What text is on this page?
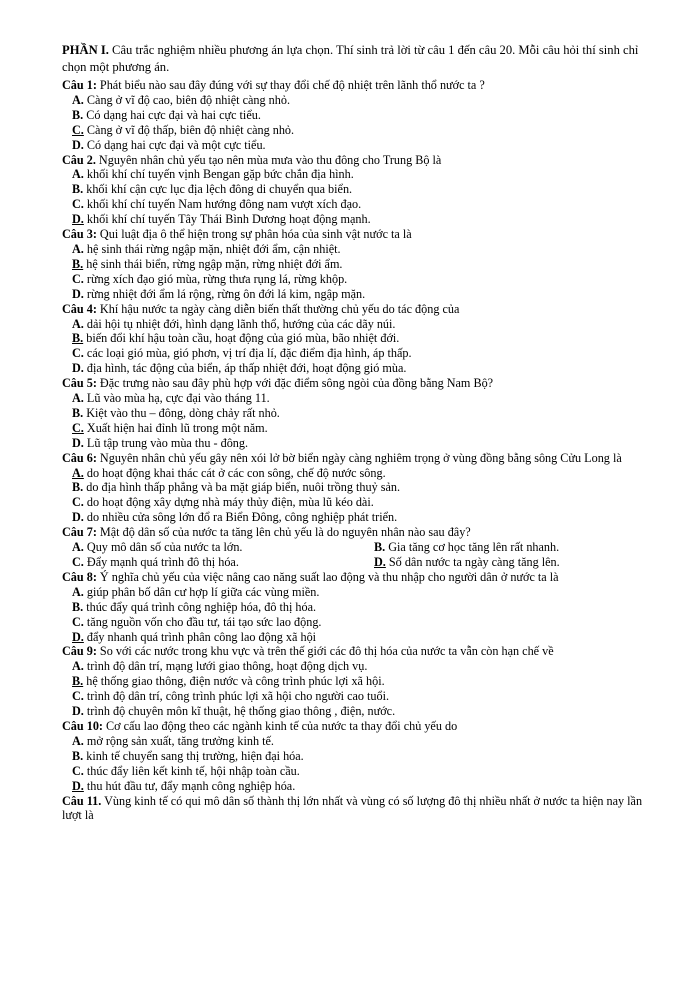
PHẦN I. Câu trắc nghiệm nhiều phương án lựa chọn. Thí sinh trả lời từ câu 1 đến câu 20. Mỗi câu hỏi thí sinh chỉ chọn một phương án.

Câu 1: Phát biểu nào sau đây đúng với sự thay đổi chế độ nhiệt trên lãnh thổ nước ta ?

A. Càng ở vĩ độ cao, biên độ nhiệt càng nhỏ.

B. Có dạng hai cực đại và hai cực tiểu.

C. Càng ở vĩ độ thấp, biên độ nhiệt càng nhỏ.

D. Có dạng hai cực đại và một cực tiểu.

Câu 2. Nguyên nhân chủ yếu tạo nên mùa mưa vào thu đông cho Trung Bộ là

A. khối khí chí tuyến vịnh Bengan gặp bức chắn địa hình.

B. khối khí cận cực lục địa lệch đông di chuyển qua biển.

C. khối khí chí tuyến Nam hướng đông nam vượt xích đạo.

D. khối khí chí tuyến Tây Thái Bình Dương hoạt động mạnh.

Câu 3: Qui luật địa ô thể hiện trong sự phân hóa của sinh vật nước ta là

A. hệ sinh thái rừng ngập mặn, nhiệt đới ẩm, cận nhiệt.

B. hệ sinh thái biển, rừng ngập mặn, rừng nhiệt đới ẩm.

C. rừng xích đạo gió mùa, rừng thưa rụng lá, rừng khộp.

D. rừng nhiệt đới ẩm lá rộng, rừng ôn đới lá kim, ngập mặn.

Câu 4: Khí hậu nước ta ngày càng diễn biến thất thường chủ yếu do tác động của

A. dải hội tụ nhiệt đới, hình dạng lãnh thổ, hướng của các dãy núi.

B. biến đổi khí hậu toàn cầu, hoạt động của gió mùa, bão nhiệt đới.

C. các loại gió mùa, gió phơn, vị trí địa lí, đặc điểm địa hình, áp thấp.

D. địa hình, tác động của biển, áp thấp nhiệt đới, hoạt động gió mùa.

Câu 5: Đặc trưng nào sau đây phù hợp với đặc điểm sông ngòi của đồng bằng Nam Bộ?

A. Lũ vào mùa hạ, cực đại vào tháng 11.

B. Kiệt vào thu – đông, dòng chảy rất nhỏ.

C. Xuất hiện hai đỉnh lũ trong một năm.

D. Lũ tập trung vào mùa thu - đông.

Câu 6: Nguyên nhân chủ yếu gây nên xói lở bờ biển ngày càng nghiêm trọng ở vùng đồng bằng sông Cửu Long là

A. do hoạt động khai thác cát ở các con sông, chế độ nước sông.

B. do địa hình thấp phẳng và ba mặt giáp biển, nuôi trồng thuỷ sản.

C. do hoạt động xây dựng nhà máy thủy điện, mùa lũ kéo dài.

D. do nhiều cửa sông lớn đổ ra Biển Đông, công nghiệp phát triển.

Câu 7: Mật độ dân số của nước ta tăng lên chủ yếu là do nguyên nhân nào sau đây?

A. Quy mô dân số của nước ta lớn.	B. Gia tăng cơ học tăng lên rất nhanh.

C. Đẩy mạnh quá trình đô thị hóa.	D. Số dân nước ta ngày càng tăng lên.

Câu 8: Ý nghĩa chủ yếu của việc nâng cao năng suất lao động và thu nhập cho người dân ở nước ta là

A. giúp phân bố dân cư hợp lí giữa các vùng miền.

B. thúc đẩy quá trình công nghiệp hóa, đô thị hóa.

C. tăng nguồn vốn cho đầu tư, tái tạo sức lao động.

D. đẩy nhanh quá trình phân công lao động xã hội

Câu 9: So với các nước trong khu vực và trên thế giới các đô thị hóa của nước ta vẫn còn hạn chế về

A. trình độ dân trí, mạng lưới giao thông, hoạt động dịch vụ.

B. hệ thống giao thông, điện nước và công trình phúc lợi xã hội.

C. trình độ dân trí, công trình phúc lợi xã hội cho người cao tuổi.

D. trình độ chuyên môn kĩ thuật, hệ thống giao thông , điện, nước.

Câu 10: Cơ cấu lao động theo các ngành kinh tế của nước ta thay đổi chủ yếu do

A. mở rộng sản xuất, tăng trưởng kinh tế.

B. kinh tế chuyển sang thị trường, hiện đại hóa.

C. thúc đẩy liên kết kinh tế, hội nhập toàn cầu.

D. thu hút đầu tư, đẩy mạnh công nghiệp hóa.

Câu 11. Vùng kinh tế có qui mô dân số thành thị lớn nhất và vùng có số lượng đô thị nhiều nhất ở nước ta hiện nay lần lượt là
